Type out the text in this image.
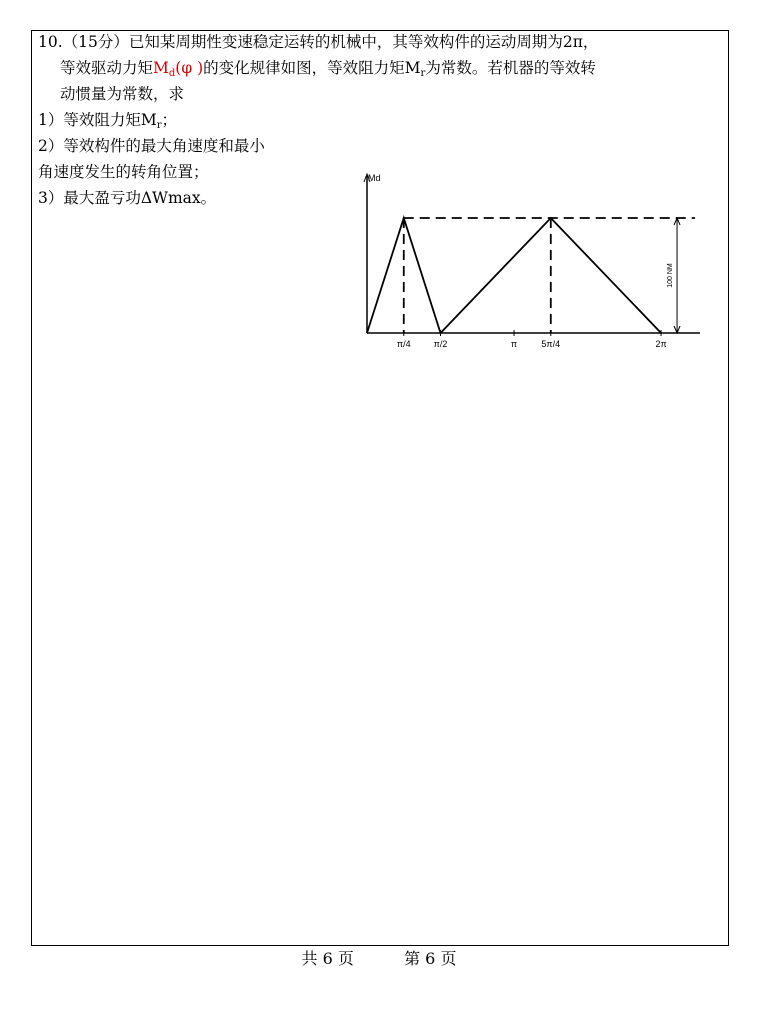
10.（15分）已知某周期性变速稳定运转的机械中，其等效构件的运动周期为2π，
等效驱动力矩$M_d(\varphi$ )的变化规律如图，等效阻力矩$M_r$为常数。若机器的等效转
动惯量为常数，求
1）等效阻力矩$M_r$；
2）等效构件的最大角速度和最小
角速度发生的转角位置；
3）最大盈亏功ΔWmax。
Md
100 NM
π/4	π/2	π	5π/4	2π
共 6 页	第 6 页
